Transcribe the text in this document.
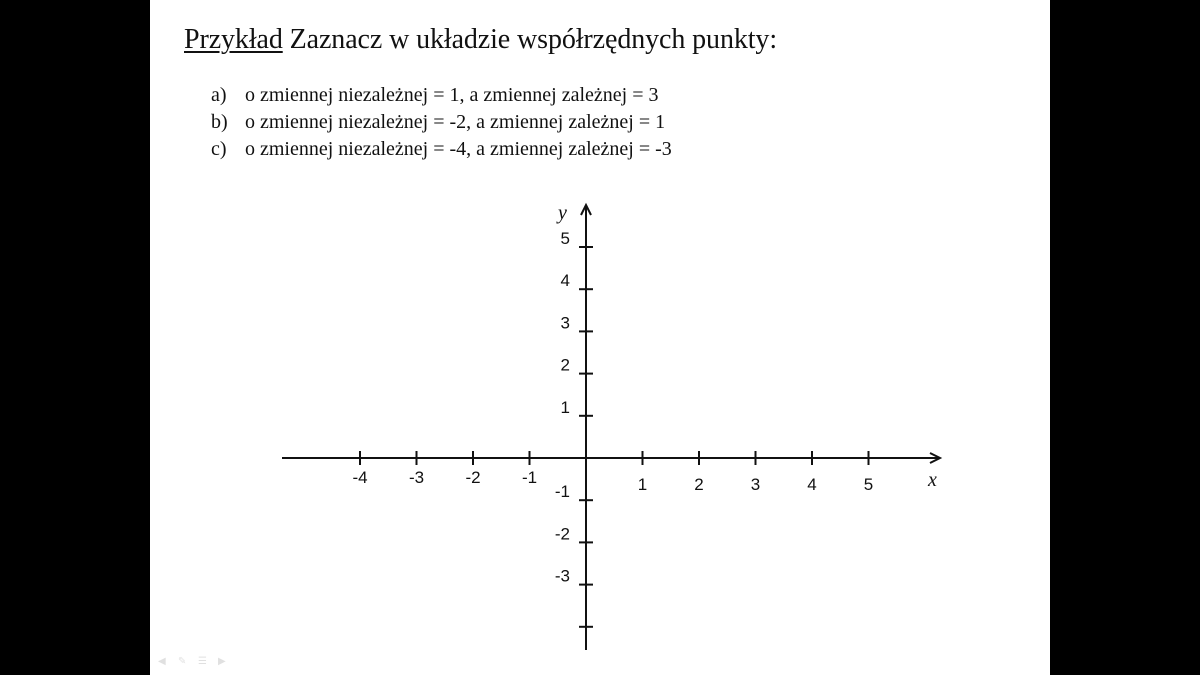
Przykład Zaznacz w układzie współrzędnych punkty:
a) o zmiennej niezależnej = 1, a zmiennej zależnej = 3
b) o zmiennej niezależnej = -2, a zmiennej zależnej = 1
c) o zmiennej niezależnej = -4, a zmiennej zależnej = -3
x
y
-4 -3 -2 -1	1	2	3	4	5
5
4
3
2
1
-1
-2
-3
◀	✎	☰	▶
